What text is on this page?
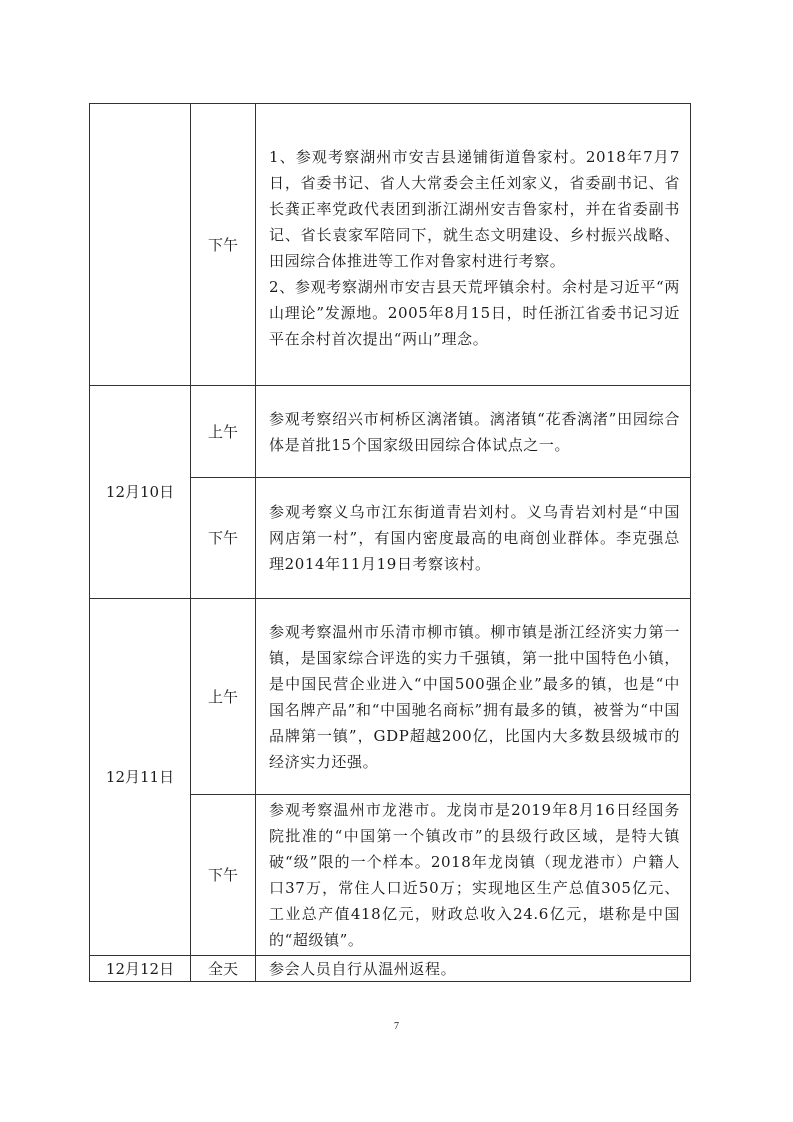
下午
1、参观考察湖州市安吉县递铺街道鲁家村。2018年7月7日，省委书记、省人大常委会主任刘家义，省委副书记、省长龚正率党政代表团到浙江湖州安吉鲁家村，并在省委副书记、省长袁家军陪同下，就生态文明建设、乡村振兴战略、田园综合体推进等工作对鲁家村进行考察。
2、参观考察湖州市安吉县天荒坪镇余村。余村是习近平“两山理论”发源地。2005年8月15日，时任浙江省委书记习近平在余村首次提出“两山”理念。
12月10日
上午
参观考察绍兴市柯桥区漓渚镇。漓渚镇“花香漓渚”田园综合体是首批15个国家级田园综合体试点之一。
下午
参观考察义乌市江东街道青岩刘村。义乌青岩刘村是“中国网店第一村”，有国内密度最高的电商创业群体。李克强总理2014年11月19日考察该村。
12月11日
上午
参观考察温州市乐清市柳市镇。柳市镇是浙江经济实力第一镇，是国家综合评选的实力千强镇，第一批中国特色小镇，是中国民营企业进入“中国500强企业”最多的镇，也是“中国名牌产品”和“中国驰名商标”拥有最多的镇，被誉为“中国品牌第一镇”，GDP超越200亿，比国内大多数县级城市的经济实力还强。
下午
参观考察温州市龙港市。龙岗市是2019年8月16日经国务院批准的“中国第一个镇改市”的县级行政区域，是特大镇破“级”限的一个样本。2018年龙岗镇（现龙港市）户籍人口37万，常住人口近50万；实现地区生产总值305亿元、工业总产值418亿元，财政总收入24.6亿元，堪称是中国的“超级镇”。
12月12日 全天 参会人员自行从温州返程。
7
